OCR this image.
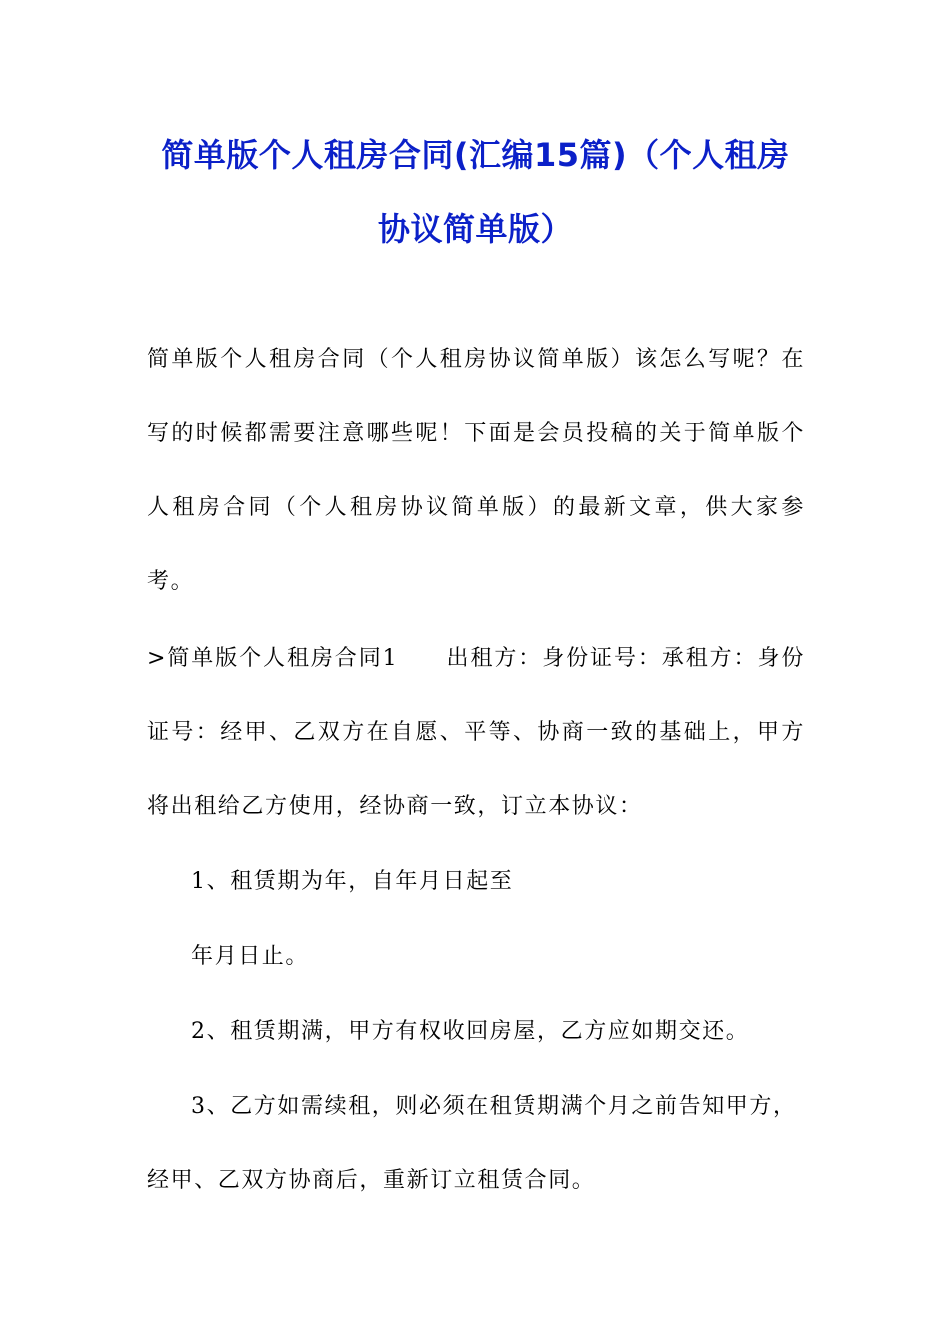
简单版个人租房合同(汇编15篇)（个人租房协议简单版）

简单版个人租房合同（个人租房协议简单版）该怎么写呢？在写的时候都需要注意哪些呢！下面是会员投稿的关于简单版个人租房合同（个人租房协议简单版）的最新文章，供大家参考。

>简单版个人租房合同1 出租方：身份证号：承租方：身份证号：经甲、乙双方在自愿、平等、协商一致的基础上，甲方将出租给乙方使用，经协商一致，订立本协议：

1、租赁期为年，自年月日起至

年月日止。

2、租赁期满，甲方有权收回房屋，乙方应如期交还。

3、乙方如需续租，则必须在租赁期满个月之前告知甲方，经甲、乙双方协商后，重新订立租赁合同。
